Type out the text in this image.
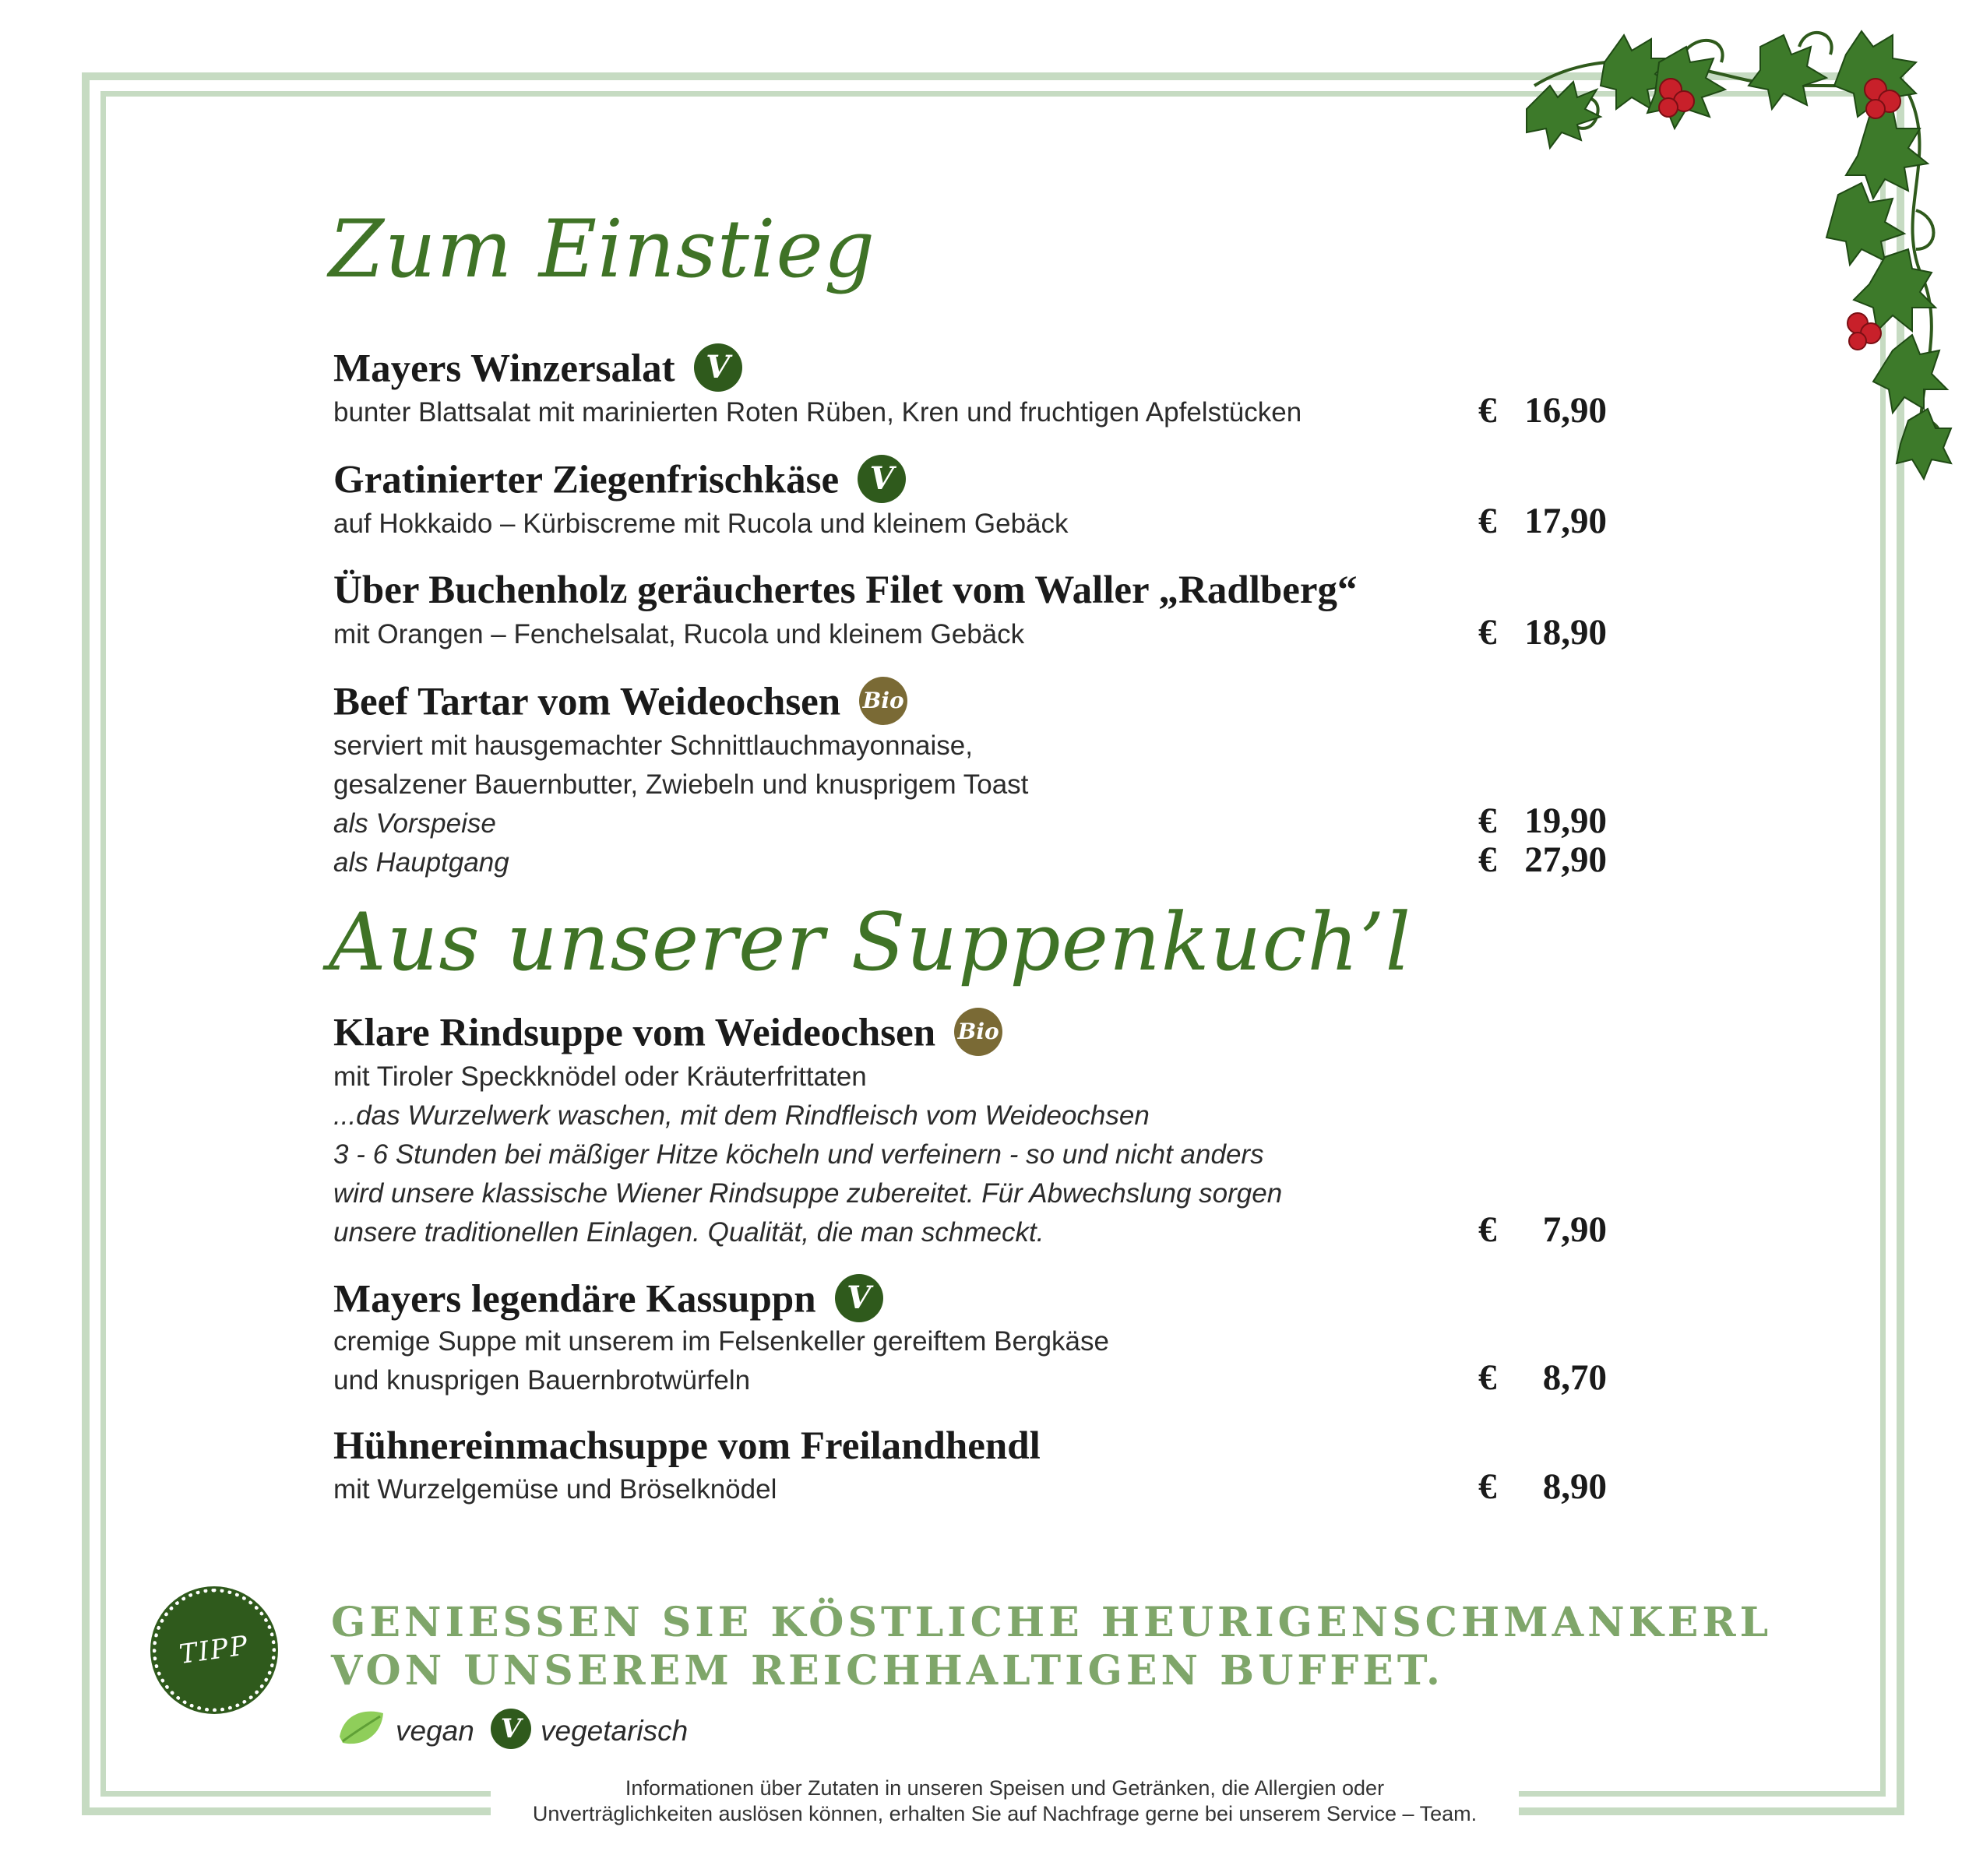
Zum Einstieg
Mayers Winzersalat V
bunter Blattsalat mit marinierten Roten Rüben, Kren und fruchtigen Apfelstücken	€ 16,90
Gratinierter Ziegenfrischkäse V
auf Hokkaido – Kürbiscreme mit Rucola und kleinem Gebäck	€ 17,90
Über Buchenholz geräuchertes Filet vom Waller „Radlberg“
mit Orangen – Fenchelsalat, Rucola und kleinem Gebäck	€ 18,90
Beef Tartar vom Weideochsen Bio
serviert mit hausgemachter Schnittlauchmayonnaise,
gesalzener Bauernbutter, Zwiebeln und knusprigem Toast
als Vorspeise	€ 19,90
als Hauptgang	€ 27,90
Aus unserer Suppenkuch’l
Klare Rindsuppe vom Weideochsen Bio
mit Tiroler Speckknödel oder Kräuterfrittaten
...das Wurzelwerk waschen, mit dem Rindfleisch vom Weideochsen
3 - 6 Stunden bei mäßiger Hitze köcheln und verfeinern - so und nicht anders
wird unsere klassische Wiener Rindsuppe zubereitet. Für Abwechslung sorgen
unsere traditionellen Einlagen. Qualität, die man schmeckt.	€ 7,90
Mayers legendäre Kassuppn V
cremige Suppe mit unserem im Felsenkeller gereiftem Bergkäse
und knusprigen Bauernbrotwürfeln	€ 8,70
Hühnereinmachsuppe vom Freilandhendl
mit Wurzelgemüse und Bröselknödel	€ 8,90
TIPP
GENIESSEN SIE KÖSTLICHE HEURIGENSCHMANKERL
VON UNSEREM REICHHALTIGEN BUFFET.
vegan V vegetarisch
Informationen über Zutaten in unseren Speisen und Getränken, die Allergien oder
Unverträglichkeiten auslösen können, erhalten Sie auf Nachfrage gerne bei unserem Service – Team.
